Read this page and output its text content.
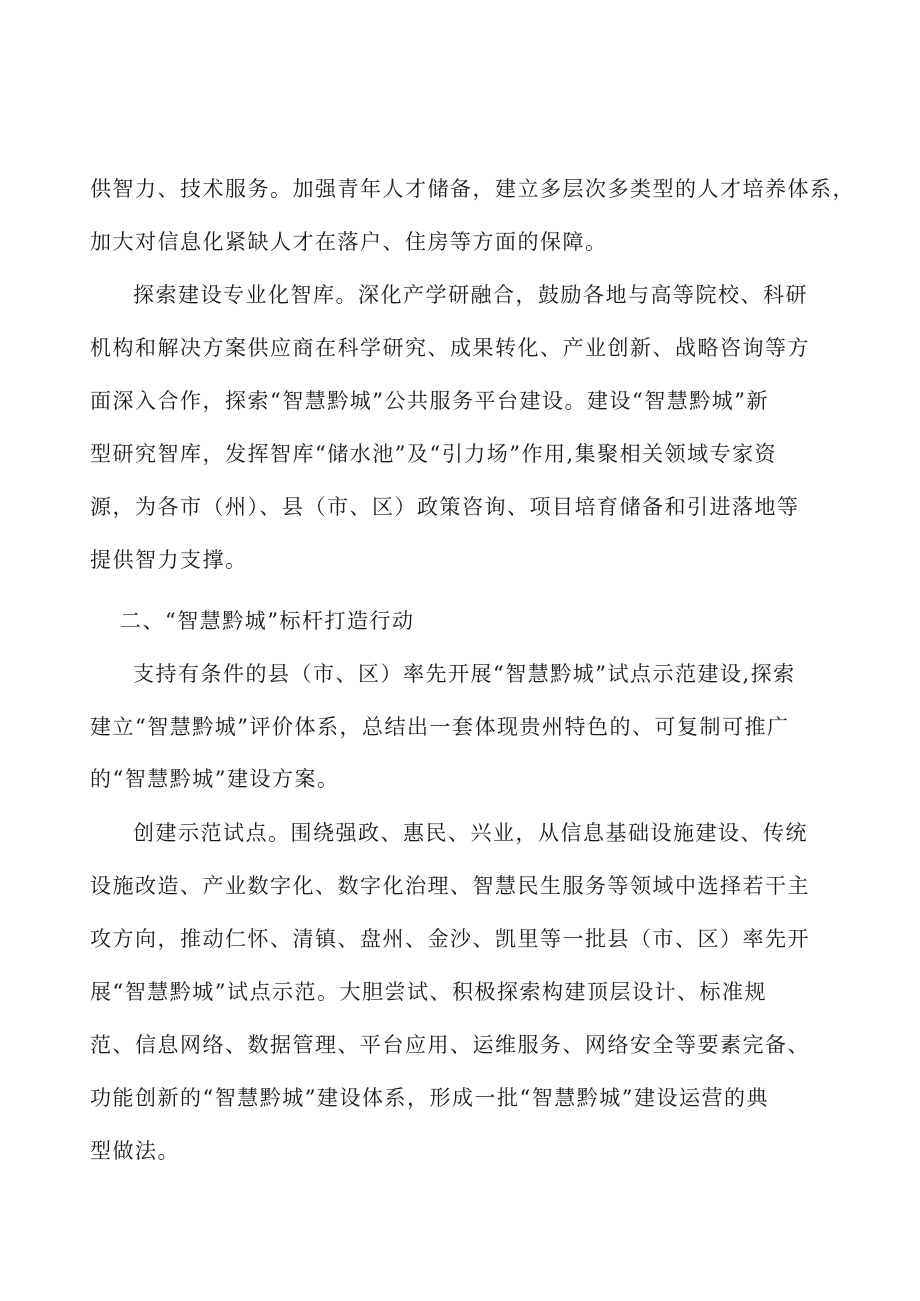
供智力、技术服务。加强青年人才储备，建立多层次多类型的人才培养体系，

加大对信息化紧缺人才在落户、住房等方面的保障。

探索建设专业化智库。深化产学研融合，鼓励各地与高等院校、科研

机构和解决方案供应商在科学研究、成果转化、产业创新、战略咨询等方

面深入合作，探索“智慧黔城”公共服务平台建设。建设“智慧黔城”新

型研究智库，发挥智库“储水池”及“引力场”作用,集聚相关领域专家资

源，为各市（州）、县（市、区）政策咨询、项目培育储备和引进落地等

提供智力支撑。

二、“智慧黔城”标杆打造行动

支持有条件的县（市、区）率先开展“智慧黔城”试点示范建设,探索

建立“智慧黔城”评价体系，总结出一套体现贵州特色的、可复制可推广

的“智慧黔城”建设方案。

创建示范试点。围绕强政、惠民、兴业，从信息基础设施建设、传统

设施改造、产业数字化、数字化治理、智慧民生服务等领域中选择若干主

攻方向，推动仁怀、清镇、盘州、金沙、凯里等一批县（市、区）率先开

展“智慧黔城”试点示范。大胆尝试、积极探索构建顶层设计、标准规

范、信息网络、数据管理、平台应用、运维服务、网络安全等要素完备、

功能创新的“智慧黔城”建设体系，形成一批“智慧黔城”建设运营的典

型做法。
